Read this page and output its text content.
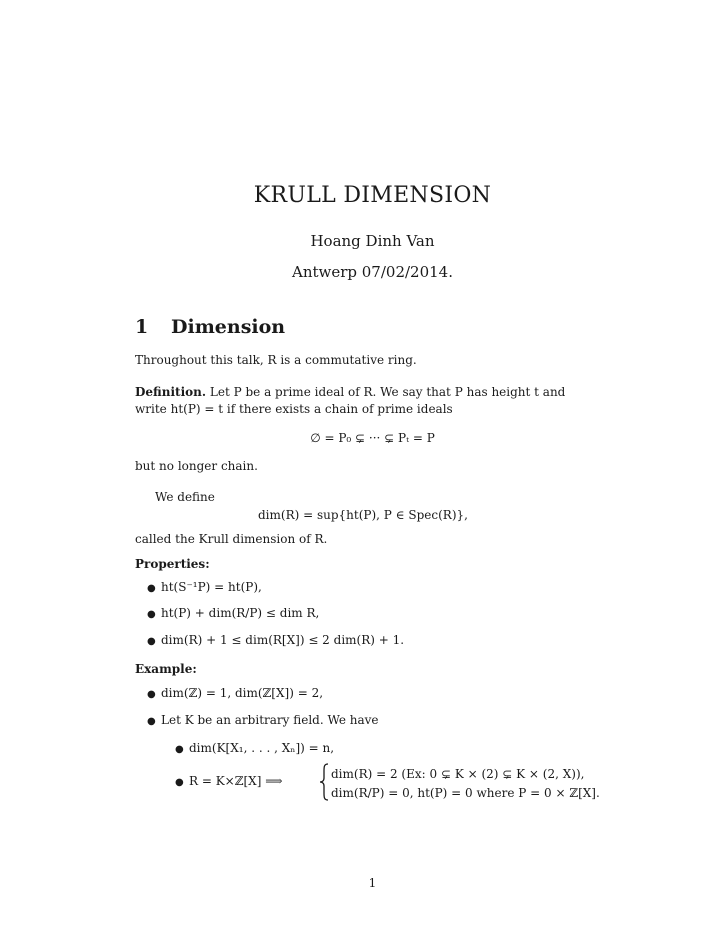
KRULL DIMENSION
Hoang Dinh Van
Antwerp 07/02/2014.
1 Dimension
Throughout this talk, R is a commutative ring.
Definition. Let P be a prime ideal of R. We say that P has height t and
write ht(P) = t if there exists a chain of prime ideals
∅ = P₀ ⊊ ··· ⊊ Pₜ = P
but no longer chain.
We define
dim(R) = sup{ht(P), P ∈ Spec(R)},
called the Krull dimension of R.
Properties:
● ht(S⁻¹P) = ht(P),
● ht(P) + dim(R/P) ≤ dim R,
● dim(R) + 1 ≤ dim(R[X]) ≤ 2 dim(R) + 1.
Example:
● dim(ℤ) = 1, dim(ℤ[X]) = 2,
● Let K be an arbitrary field. We have
● dim(K[X₁, . . . , Xₙ]) = n,
● R = K×ℤ[X] ⟹	dim(R) = 2 (Ex: 0 ⊊ K × (2) ⊊ K × (2, X)),
dim(R/P) = 0, ht(P) = 0 where P = 0 × ℤ[X].
1
